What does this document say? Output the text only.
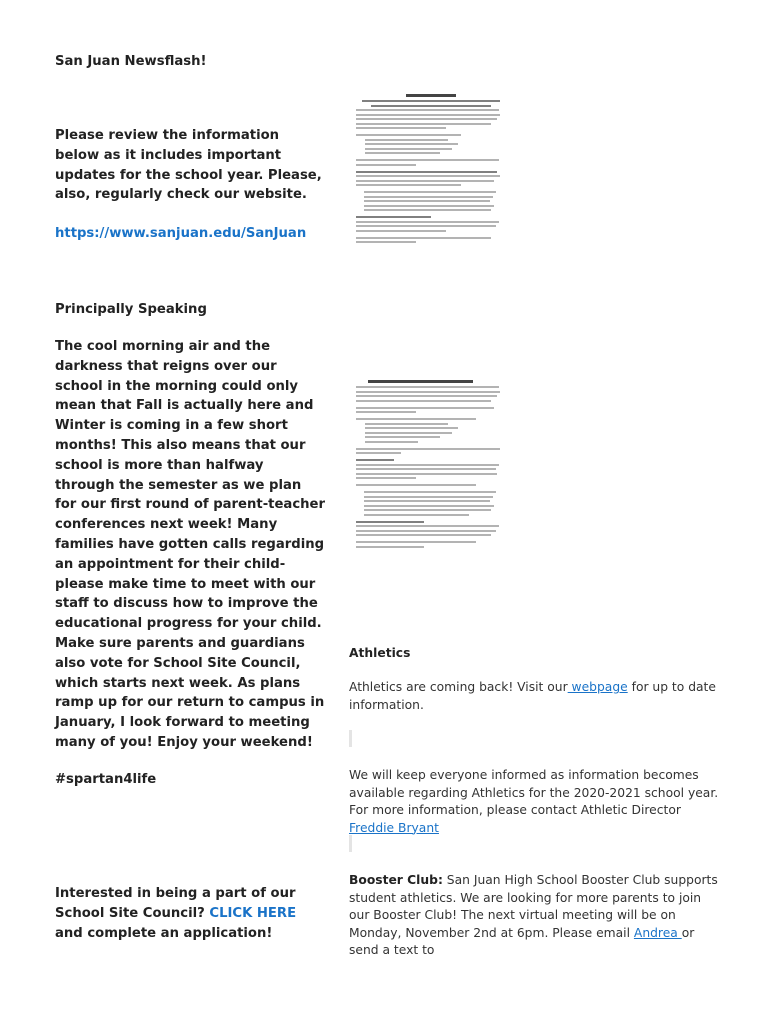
San Juan Newsflash!

Please review the information below as it includes important updates for the school year. Please, also, regularly check our website.

https://www.sanjuan.edu/SanJuan

Principally Speaking

The cool morning air and the darkness that reigns over our school in the morning could only mean that Fall is actually here and Winter is coming in a few short months! This also means that our school is more than halfway through the semester as we plan for our first round of parent-teacher conferences next week! Many families have gotten calls regarding an appointment for their child- please make time to meet with our staff to discuss how to improve the educational progress for your child. Make sure parents and guardians also vote for School Site Council, which starts next week. As plans ramp up for our return to campus in January, I look forward to meeting many of you! Enjoy your weekend!

#spartan4life

Interested in being a part of our School Site Council? CLICK HERE and complete an application!

Athletics

Athletics are coming back! Visit our webpage for up to date information.

We will keep everyone informed as information becomes available regarding Athletics for the 2020-2021 school year. For more information, please contact Athletic Director Freddie Bryant

Booster Club: San Juan High School Booster Club supports student athletics. We are looking for more parents to join our Booster Club! The next virtual meeting will be on Monday, November 2nd at 6pm. Please email Andrea or send a text to
